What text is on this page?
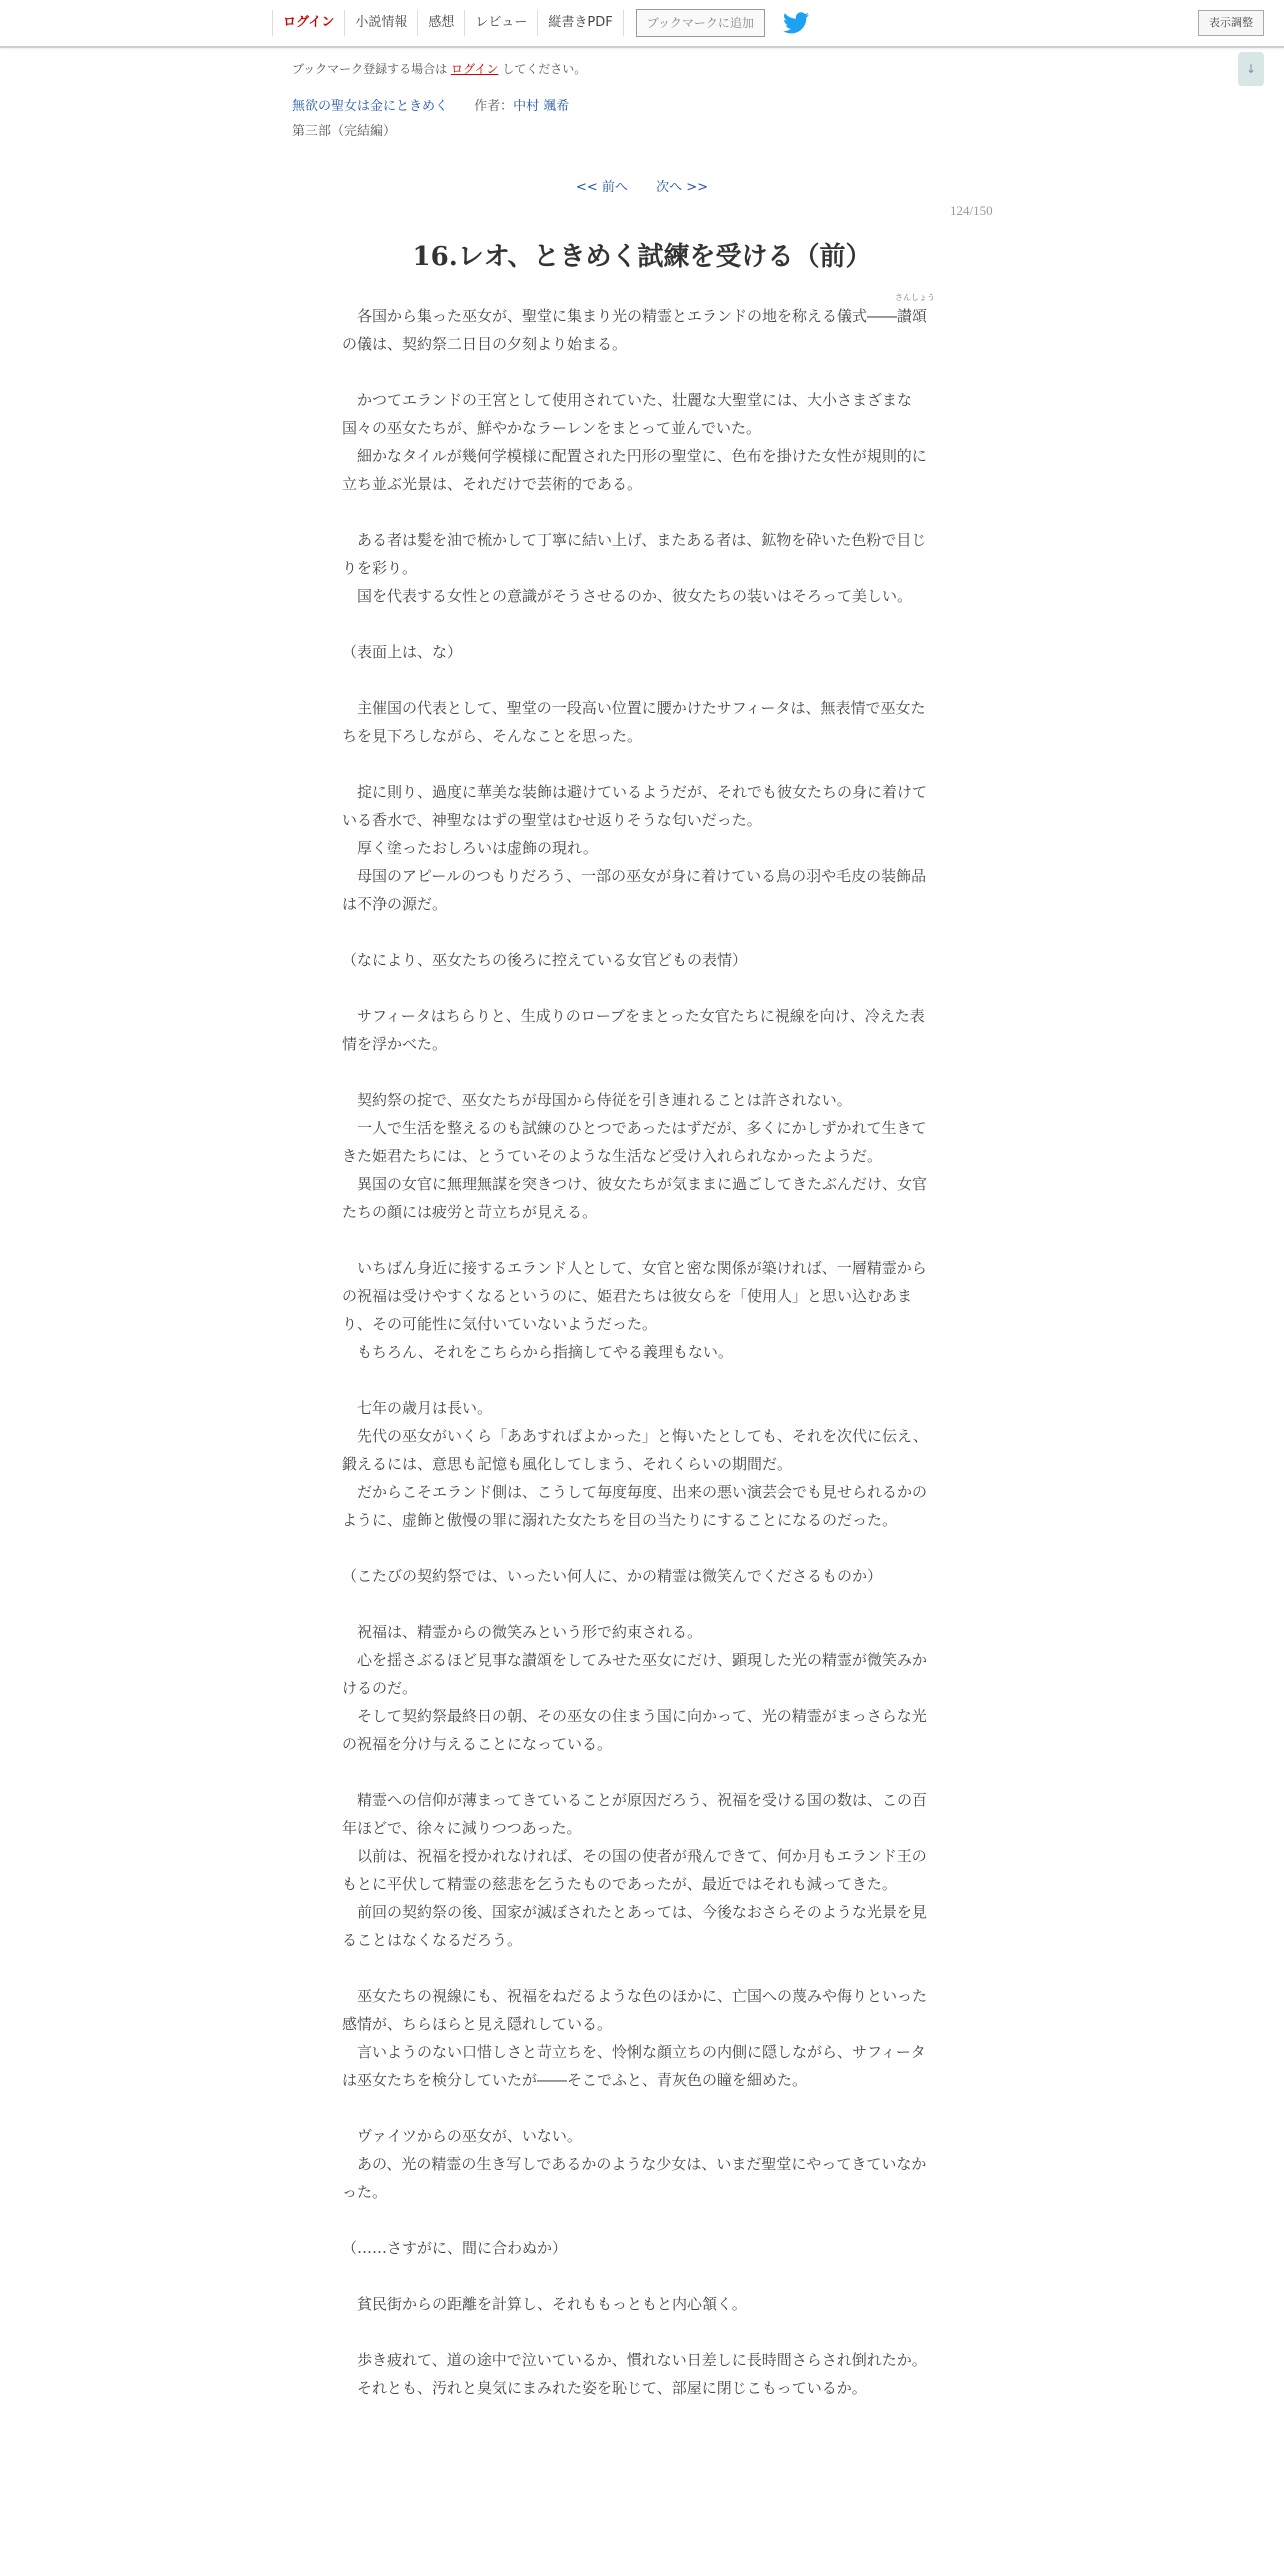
ログイン	小説情報	感想	レビュー	縦書きPDF	ブックマークに追加	表示調整
↓
ブックマーク登録する場合は ログイン してください。
無欲の聖女は金にときめく 作者：中村 颯希
第三部（完結編）
<< 前へ 次へ >>
124/150
16.レオ、ときめく試練を受ける（前）

　各国から集った巫女が、聖堂に集まり光の精霊とエランドの地を称える儀式――
さんしょう
讃頌の儀は、契約祭二日目の夕刻より始まる。

　かつてエランドの王宮として使用されていた、壮麗な大聖堂には、大小さまざまな国々の巫女たちが、鮮やかなラーレンをまとって並んでいた。

　細かなタイルが幾何学模様に配置された円形の聖堂に、色布を掛けた女性が規則的に立ち並ぶ光景は、それだけで芸術的である。

　ある者は髪を油で梳かして丁寧に結い上げ、またある者は、鉱物を砕いた色粉で目じりを彩り。

　国を代表する女性との意識がそうさせるのか、彼女たちの装いはそろって美しい。

（表面上は、な）

　主催国の代表として、聖堂の一段高い位置に腰かけたサフィータは、無表情で巫女たちを見下ろしながら、そんなことを思った。

　掟に則り、過度に華美な装飾は避けているようだが、それでも彼女たちの身に着けている香水で、神聖なはずの聖堂はむせ返りそうな匂いだった。

　厚く塗ったおしろいは虚飾の現れ。

　母国のアピールのつもりだろう、一部の巫女が身に着けている鳥の羽や毛皮の装飾品は不浄の源だ。

（なにより、巫女たちの後ろに控えている女官どもの表情）

　サフィータはちらりと、生成りのローブをまとった女官たちに視線を向け、冷えた表情を浮かべた。

　契約祭の掟で、巫女たちが母国から侍従を引き連れることは許されない。

　一人で生活を整えるのも試練のひとつであったはずだが、多くにかしずかれて生きてきた姫君たちには、とうていそのような生活など受け入れられなかったようだ。

　異国の女官に無理無謀を突きつけ、彼女たちが気ままに過ごしてきたぶんだけ、女官たちの顔には疲労と苛立ちが見える。

　いちばん身近に接するエランド人として、女官と密な関係が築ければ、一層精霊からの祝福は受けやすくなるというのに、姫君たちは彼女らを「使用人」と思い込むあまり、その可能性に気付いていないようだった。

　もちろん、それをこちらから指摘してやる義理もない。

　七年の歳月は長い。

　先代の巫女がいくら「ああすればよかった」と悔いたとしても、それを次代に伝え、鍛えるには、意思も記憶も風化してしまう、それくらいの期間だ。

　だからこそエランド側は、こうして毎度毎度、出来の悪い演芸会でも見せられるかのように、虚飾と傲慢の罪に溺れた女たちを目の当たりにすることになるのだった。

（こたびの契約祭では、いったい何人に、かの精霊は微笑んでくださるものか）

　祝福は、精霊からの微笑みという形で約束される。

　心を揺さぶるほど見事な讃頌をしてみせた巫女にだけ、顕現した光の精霊が微笑みかけるのだ。

　そして契約祭最終日の朝、その巫女の住まう国に向かって、光の精霊がまっさらな光の祝福を分け与えることになっている。

　精霊への信仰が薄まってきていることが原因だろう、祝福を受ける国の数は、この百年ほどで、徐々に減りつつあった。

　以前は、祝福を授かれなければ、その国の使者が飛んできて、何か月もエランド王のもとに平伏して精霊の慈悲を乞うたものであったが、最近ではそれも減ってきた。

　前回の契約祭の後、国家が滅ぼされたとあっては、今後なおさらそのような光景を見ることはなくなるだろう。

　巫女たちの視線にも、祝福をねだるような色のほかに、亡国への蔑みや侮りといった感情が、ちらほらと見え隠れしている。

　言いようのない口惜しさと苛立ちを、怜悧な顔立ちの内側に隠しながら、サフィータは巫女たちを検分していたが――そこでふと、青灰色の瞳を細めた。

　ヴァイツからの巫女が、いない。

　あの、光の精霊の生き写しであるかのような少女は、いまだ聖堂にやってきていなかった。

（……さすがに、間に合わぬか）

　貧民街からの距離を計算し、それももっともと内心頷く。

　歩き疲れて、道の途中で泣いているか、慣れない日差しに長時間さらされ倒れたか。

　それとも、汚れと臭気にまみれた姿を恥じて、部屋に閉じこもっているか。
